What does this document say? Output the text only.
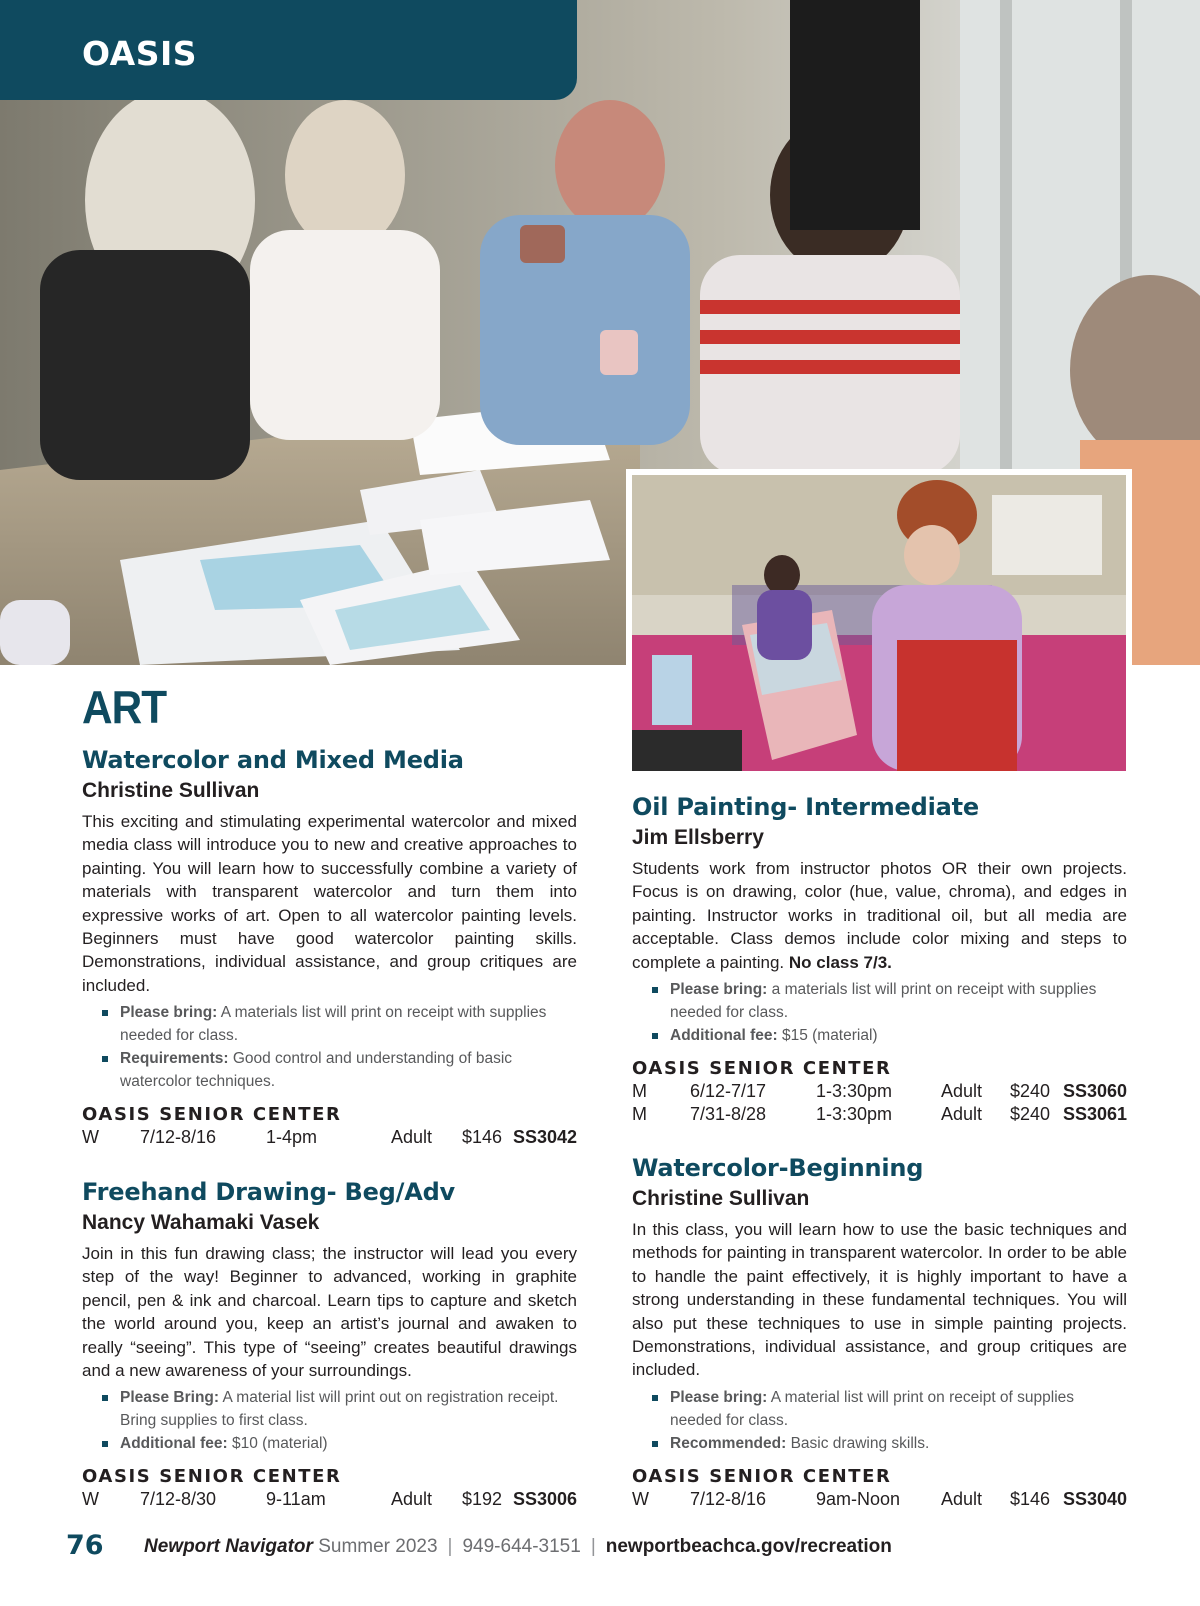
OASIS
ART
Watercolor and Mixed Media

Christine Sullivan

This exciting and stimulating experimental watercolor and mixed media class will introduce you to new and creative approaches to painting. You will learn how to successfully combine a variety of materials with transparent watercolor and turn them into expressive works of art. Open to all watercolor painting levels. Beginners must have good watercolor painting skills. Demonstrations, individual assistance, and group critiques are included.

Please bring: A materials list will print on receipt with supplies needed for class.
Requirements: Good control and understanding of basic watercolor techniques.
OASIS SENIOR CENTER
W 7/12-8/16	1-4pm	Adult $146 SS3042
Freehand Drawing- Beg/Adv

Nancy Wahamaki Vasek

Join in this fun drawing class; the instructor will lead you every step of the way! Beginner to advanced, working in graphite pencil, pen & ink and charcoal. Learn tips to capture and sketch the world around you, keep an artist’s journal and awaken to really “seeing”. This type of “seeing” creates beautiful drawings and a new awareness of your surroundings.

Please Bring: A material list will print out on registration receipt. Bring supplies to first class.
Additional fee: $10 (material)
OASIS SENIOR CENTER
W 7/12-8/30	9-11am	Adult $192 SS3006
Oil Painting- Intermediate

Jim Ellsberry

Students work from instructor photos OR their own projects. Focus is on drawing, color (hue, value, chroma), and edges in painting. Instructor works in traditional oil, but all media are acceptable. Class demos include color mixing and steps to complete a painting. No class 7/3.

Please bring: a materials list will print on receipt with supplies needed for class.
Additional fee: $15 (material)
OASIS SENIOR CENTER
M 6/12-7/17	1-3:30pm	Adult $240 SS3060
M 7/31-8/28	1-3:30pm	Adult $240 SS3061
Watercolor-Beginning

Christine Sullivan

In this class, you will learn how to use the basic techniques and methods for painting in transparent watercolor. In order to be able to handle the paint effectively, it is highly important to have a strong understanding in these fundamental techniques. You will also put these techniques to use in simple painting projects. Demonstrations, individual assistance, and group critiques are included.

Please bring: A material list will print on receipt of supplies needed for class.
Recommended: Basic drawing skills.
OASIS SENIOR CENTER
W 7/12-8/16	9am-Noon Adult $146 SS3040
76 Newport Navigator Summer 2023 | 949-644-3151 | newportbeachca.gov/recreation
